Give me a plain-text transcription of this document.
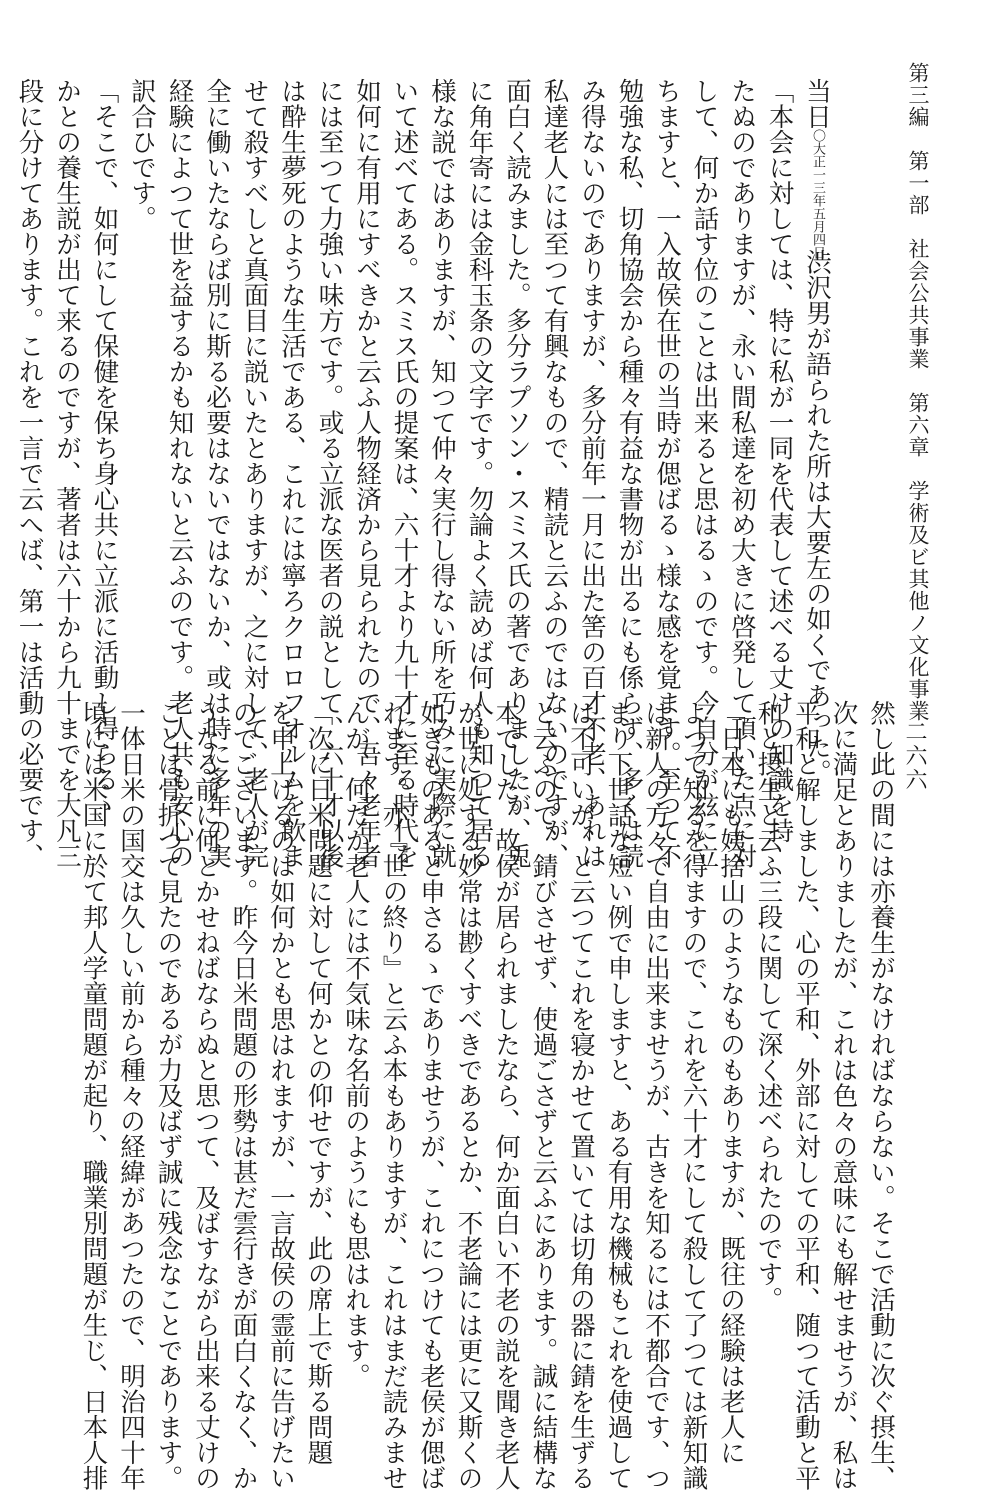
第三編　第一部　社会公共事業　第六章　学術及ビ其他ノ文化事業
二六六
当日〇大正一三年五月四日渋沢男が語られた所は大要左の如くであった。
「本会に対しては、特に私が一同を代表して述べる丈けの知識を持
たぬのでありますが、永い間私達を初め大きに啓発して頂いた点に対
して、何か話す位のことは出来ると思はるゝのです。今自分が玆に立
ちますと、一入故侯在世の当時が偲ばるゝ様な感を覚ます。至つて不
勉強な私、切角協会から種々有益な書物が出るにも係らず、多くは読
み得ないのでありますが、多分前年一月に出た筈の百才不老、あれは
私達老人には至つて有興なもので、精読と云ふのではないのですが、
面白く読みました。多分ラプソン・スミス氏の著でありましたが、兎
に角年寄には金科玉条の文字です。勿論よく読めば何人も知つて居る
様な説ではありますが、知つて仲々実行し得ない所を巧みに実際に就
いて述べてある。スミス氏の提案は、六十才より九十才に至る時代を
如何に有用にすべきかと云ふ人物経済から見られたので、吾々老年者
には至つて力強い味方です。或る立派な医者の説として、六十才以後
は酔生夢死のような生活である、これには寧ろクロロフオルムを飲ま
せて殺すべしと真面目に説いたとありますが、之に対して、老人が完
全に働いたならば別に斯る必要はないではないか、或は時に多年の実
経験によつて世を益するかも知れないと云ふのです。老人共も安心の
訳合ひです。
「そこで、如何にして保健を保ち身心共に立派に活動し得らるゝ
かとの養生説が出て来るのですが、著者は六十から九十までを大凡三
段に分けてあります。これを一言で云へば、第一は活動の必要です、
然し此の間には亦養生がなければならない。そこで活動に次ぐ摂生、
次に満足とありましたが、これは色々の意味にも解せませうが、私は
平和と解しました、心の平和、外部に対しての平和、随つて活動と平
和と摂生と云ふ三段に関して深く述べられたのです。
「日本にも姨捨山のようなものもありますが、既往の経験は老人に
よつて知るを得ますので、これを六十才にして殺して了つては新知識
は新人の方々で自由に出来ませうが、古きを知るには不都合です、つ
まり下世話な短い例で申しますと、ある有用な機械もこれを使過して
は不可いが、と云つてこれを寝かせて置いては切角の器に錆を生ずる
と云ふので、錆びさせず、使過ごさずと云ふにあります。誠に結構な
本でした。故侯が居られましたなら、何か面白い不老の説を聞き老人
が世に処する妙常は尠くすべきであるとか、不老論には更に又斯くの
如きものあると申さるゝでありませうが、これにつけても老侯が偲ば
れます。亦『世の終り』と云ふ本もありますが、これはまだ読みませ
んが、何だか老人には不気味な名前のようにも思はれます。
「次に日米問題に対して何かとの仰せですが、此の席上で斯る問題
を申上げるのは如何かとも思はれますが、一言故侯の霊前に告げたい
のでございます。昨今日米問題の形勢は甚だ雲行きが面白くなく、か
うなる前に何とかせねばならぬと思つて、及ばすながら出来る丈けの
ことは骨折つて見たのであるが力及ばず誠に残念なことであります。
一体日米の国交は久しい前から種々の経緯があつたので、明治四十年
頃には米国に於て邦人学童問題が起り、職業別問題が生じ、日本人排
